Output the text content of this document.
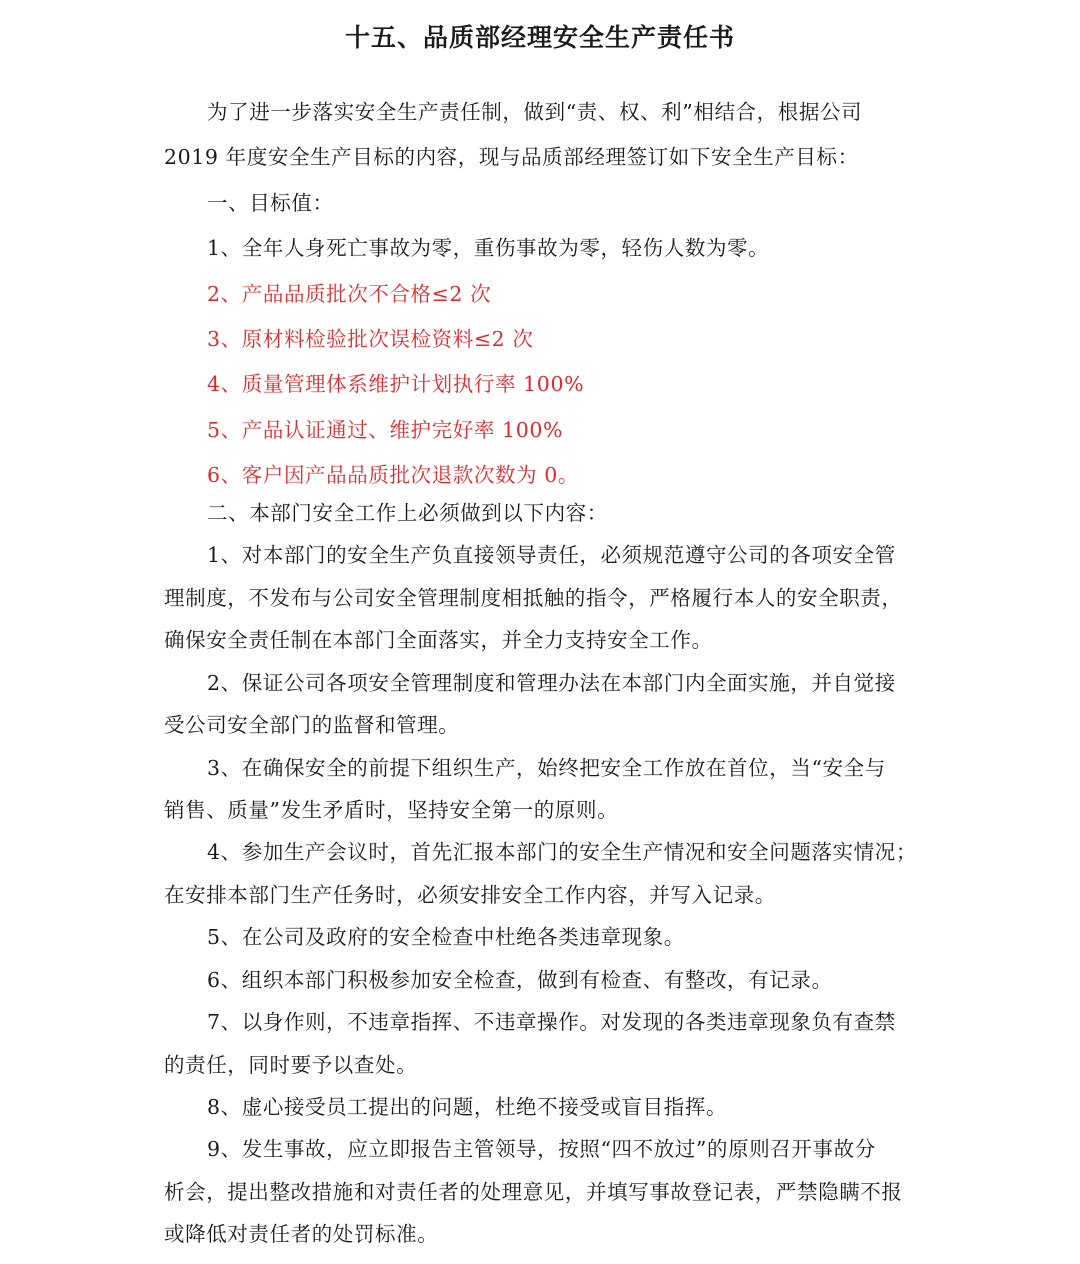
十五、品质部经理安全生产责任书
为了进一步落实安全生产责任制，做到“责、权、利”相结合，根据公司
2019 年度安全生产目标的内容，现与品质部经理签订如下安全生产目标：
一、目标值：
1、全年人身死亡事故为零，重伤事故为零，轻伤人数为零。
2、产品品质批次不合格≤2 次
3、原材料检验批次误检资料≤2 次
4、质量管理体系维护计划执行率 100%
5、产品认证通过、维护完好率 100%
6、客户因产品品质批次退款次数为 0。
二、本部门安全工作上必须做到以下内容：
1、对本部门的安全生产负直接领导责任，必须规范遵守公司的各项安全管
理制度，不发布与公司安全管理制度相抵触的指令，严格履行本人的安全职责，
确保安全责任制在本部门全面落实，并全力支持安全工作。
2、保证公司各项安全管理制度和管理办法在本部门内全面实施，并自觉接
受公司安全部门的监督和管理。
3、在确保安全的前提下组织生产，始终把安全工作放在首位，当“安全与
销售、质量”发生矛盾时，坚持安全第一的原则。
4、参加生产会议时，首先汇报本部门的安全生产情况和安全问题落实情况；
在安排本部门生产任务时，必须安排安全工作内容，并写入记录。
5、在公司及政府的安全检查中杜绝各类违章现象。
6、组织本部门积极参加安全检查，做到有检查、有整改，有记录。
7、以身作则，不违章指挥、不违章操作。对发现的各类违章现象负有查禁
的责任，同时要予以查处。
8、虚心接受员工提出的问题，杜绝不接受或盲目指挥。
9、发生事故，应立即报告主管领导，按照“四不放过”的原则召开事故分
析会，提出整改措施和对责任者的处理意见，并填写事故登记表，严禁隐瞒不报
或降低对责任者的处罚标准。
